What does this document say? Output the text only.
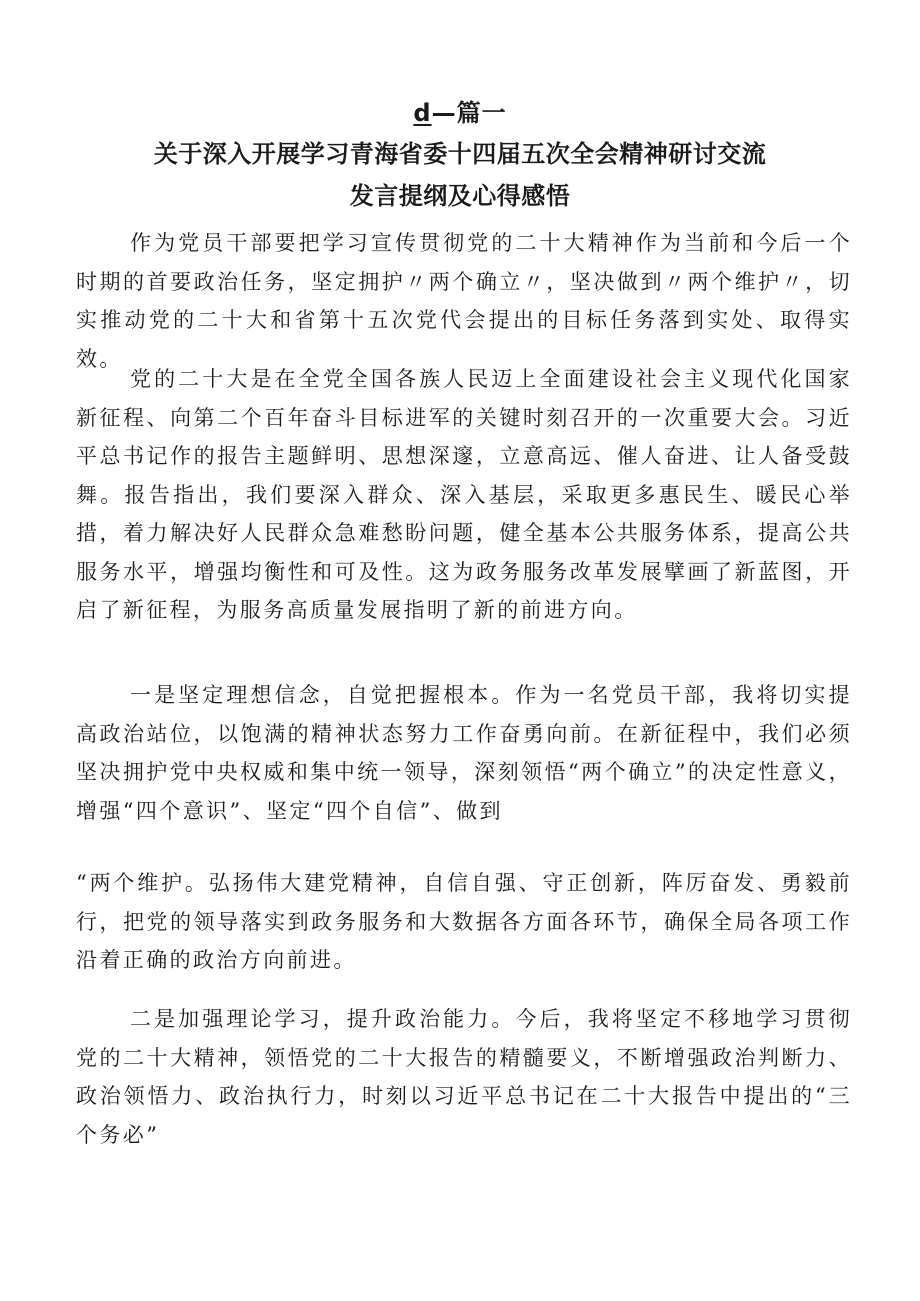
d—篇一
关于深入开展学习青海省委十四届五次全会精神研讨交流
发言提纲及心得感悟

作为党员干部要把学习宣传贯彻党的二十大精神作为当前和今后一个时期的首要政治任务，坚定拥护〃两个确立〃，坚决做到〃两个维护〃，切实推动党的二十大和省第十五次党代会提出的目标任务落到实处、取得实效。

党的二十大是在全党全国各族人民迈上全面建设社会主义现代化国家新征程、向第二个百年奋斗目标进军的关键时刻召开的一次重要大会。习近平总书记作的报告主题鲜明、思想深邃，立意高远、催人奋进、让人备受鼓舞。报告指出，我们要深入群众、深入基层，采取更多惠民生、暖民心举措，着力解决好人民群众急难愁盼问题，健全基本公共服务体系，提高公共服务水平，增强均衡性和可及性。这为政务服务改革发展擘画了新蓝图，开启了新征程，为服务高质量发展指明了新的前进方向。

一是坚定理想信念，自觉把握根本。作为一名党员干部，我将切实提高政治站位，以饱满的精神状态努力工作奋勇向前。在新征程中，我们必须坚决拥护党中央权威和集中统一领导，深刻领悟“两个确立”的决定性意义，增强“四个意识”、坚定“四个自信”、做到

“两个维护。弘扬伟大建党精神，自信自强、守正创新，阵厉奋发、勇毅前行，把党的领导落实到政务服务和大数据各方面各环节，确保全局各项工作沿着正确的政治方向前进。

二是加强理论学习，提升政治能力。今后，我将坚定不移地学习贯彻党的二十大精神，领悟党的二十大报告的精髓要义，不断增强政治判断力、政治领悟力、政治执行力，时刻以习近平总书记在二十大报告中提出的“三个务必”
